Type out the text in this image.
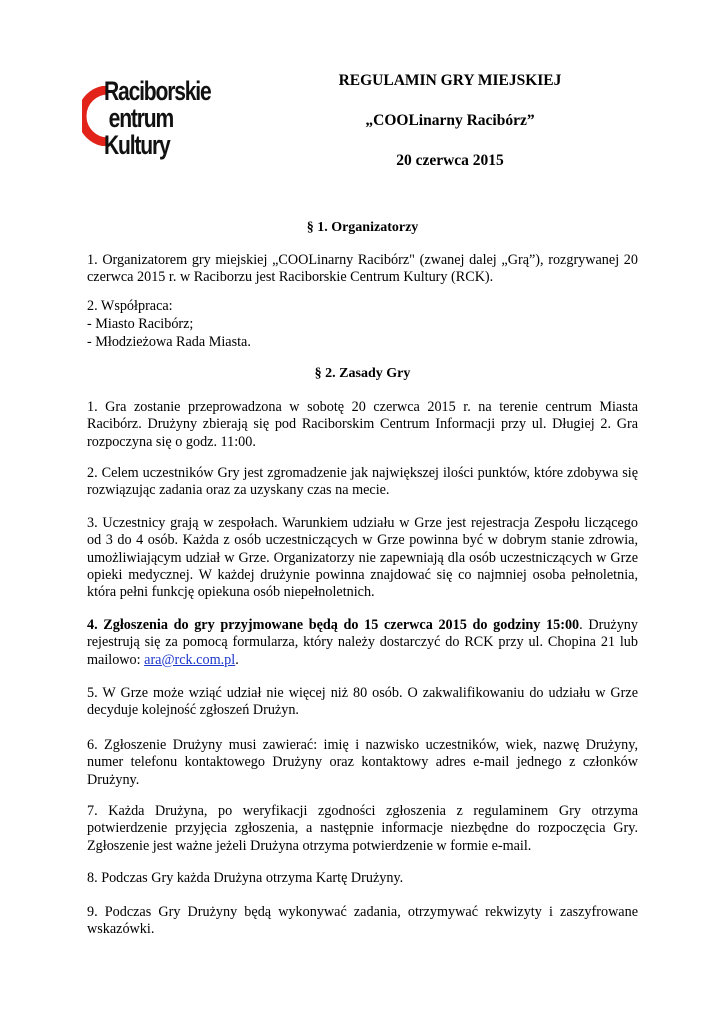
Raciborskie
entrum
Kultury
REGULAMIN GRY MIEJSKIEJ
„COOLinarny Racibórz”
20 czerwca 2015
§ 1. Organizatorzy
1. Organizatorem gry miejskiej „COOLinarny Racibórz" (zwanej dalej „Grą”), rozgrywanej 20 czerwca 2015 r. w Raciborzu jest Raciborskie Centrum Kultury (RCK).
2. Współpraca:
- Miasto Racibórz;
- Młodzieżowa Rada Miasta.
§ 2. Zasady Gry
1. Gra zostanie przeprowadzona w sobotę 20 czerwca 2015 r. na terenie centrum Miasta Racibórz. Drużyny zbierają się pod Raciborskim Centrum Informacji przy ul. Długiej 2. Gra rozpoczyna się o godz. 11:00.
2. Celem uczestników Gry jest zgromadzenie jak największej ilości punktów, które zdobywa się rozwiązując zadania oraz za uzyskany czas na mecie.
3. Uczestnicy grają w zespołach. Warunkiem udziału w Grze jest rejestracja Zespołu liczącego od 3 do 4 osób. Każda z osób uczestniczących w Grze powinna być w dobrym stanie zdrowia, umożliwiającym udział w Grze. Organizatorzy nie zapewniają dla osób uczestniczących w Grze opieki medycznej. W każdej drużynie powinna znajdować się co najmniej osoba pełnoletnia, która pełni funkcję opiekuna osób niepełnoletnich.
4. Zgłoszenia do gry przyjmowane będą do 15 czerwca 2015 do godziny 15:00. Drużyny rejestrują się za pomocą formularza, który należy dostarczyć do RCK przy ul. Chopina 21 lub mailowo: ara@rck.com.pl.
5. W Grze może wziąć udział nie więcej niż 80 osób. O zakwalifikowaniu do udziału w Grze decyduje kolejność zgłoszeń Drużyn.
6. Zgłoszenie Drużyny musi zawierać: imię i nazwisko uczestników, wiek, nazwę Drużyny, numer telefonu kontaktowego Drużyny oraz kontaktowy adres e-mail jednego z członków Drużyny.
7. Każda Drużyna, po weryfikacji zgodności zgłoszenia z regulaminem Gry otrzyma potwierdzenie przyjęcia zgłoszenia, a następnie informacje niezbędne do rozpoczęcia Gry. Zgłoszenie jest ważne jeżeli Drużyna otrzyma potwierdzenie w formie e-mail.
8. Podczas Gry każda Drużyna otrzyma Kartę Drużyny.
9. Podczas Gry Drużyny będą wykonywać zadania, otrzymywać rekwizyty i zaszyfrowane wskazówki.
